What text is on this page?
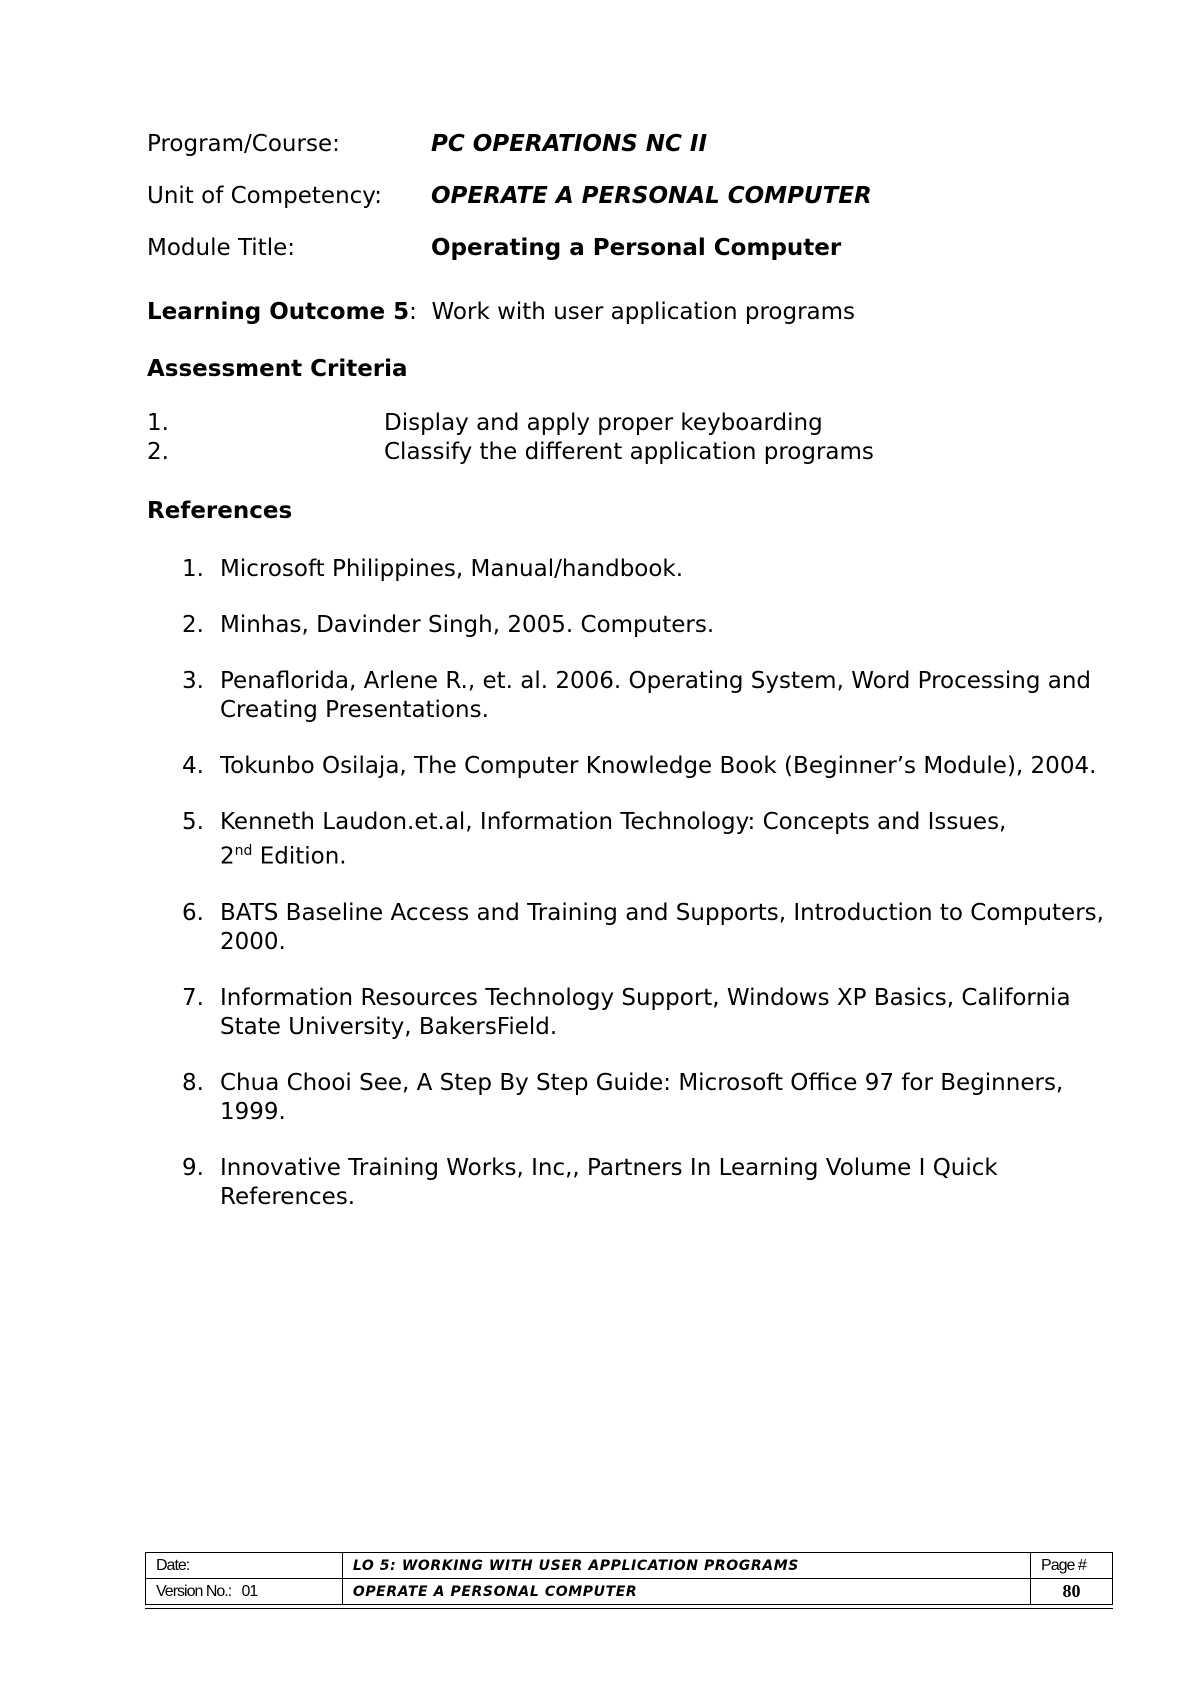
Program/Course:	PC OPERATIONS NC II
Unit of Competency: OPERATE A PERSONAL COMPUTER
Module Title:	Operating a Personal Computer
Learning Outcome 5: Work with user application programs
Assessment Criteria
1.	Display and apply proper keyboarding
2.	Classify the different application programs
References
1. Microsoft Philippines, Manual/handbook.
2. Minhas, Davinder Singh, 2005. Computers.
3. Penaflorida, Arlene R., et. al. 2006. Operating System, Word Processing and Creating Presentations.
4. Tokunbo Osilaja, The Computer Knowledge Book (Beginner’s Module), 2004.
5. Kenneth Laudon.et.al, Information Technology: Concepts and Issues,
2nd Edition.
6. BATS Baseline Access and Training and Supports, Introduction to Computers, 2000.
7. Information Resources Technology Support, Windows XP Basics, California State University, BakersField.
8. Chua Chooi See, A Step By Step Guide: Microsoft Office 97 for Beginners, 1999.
9. Innovative Training Works, Inc,, Partners In Learning Volume I Quick References.
Date:	LO 5: WORKING WITH USER APPLICATION PROGRAMS	Page #
Version No.: 01	OPERATE A PERSONAL COMPUTER	80
